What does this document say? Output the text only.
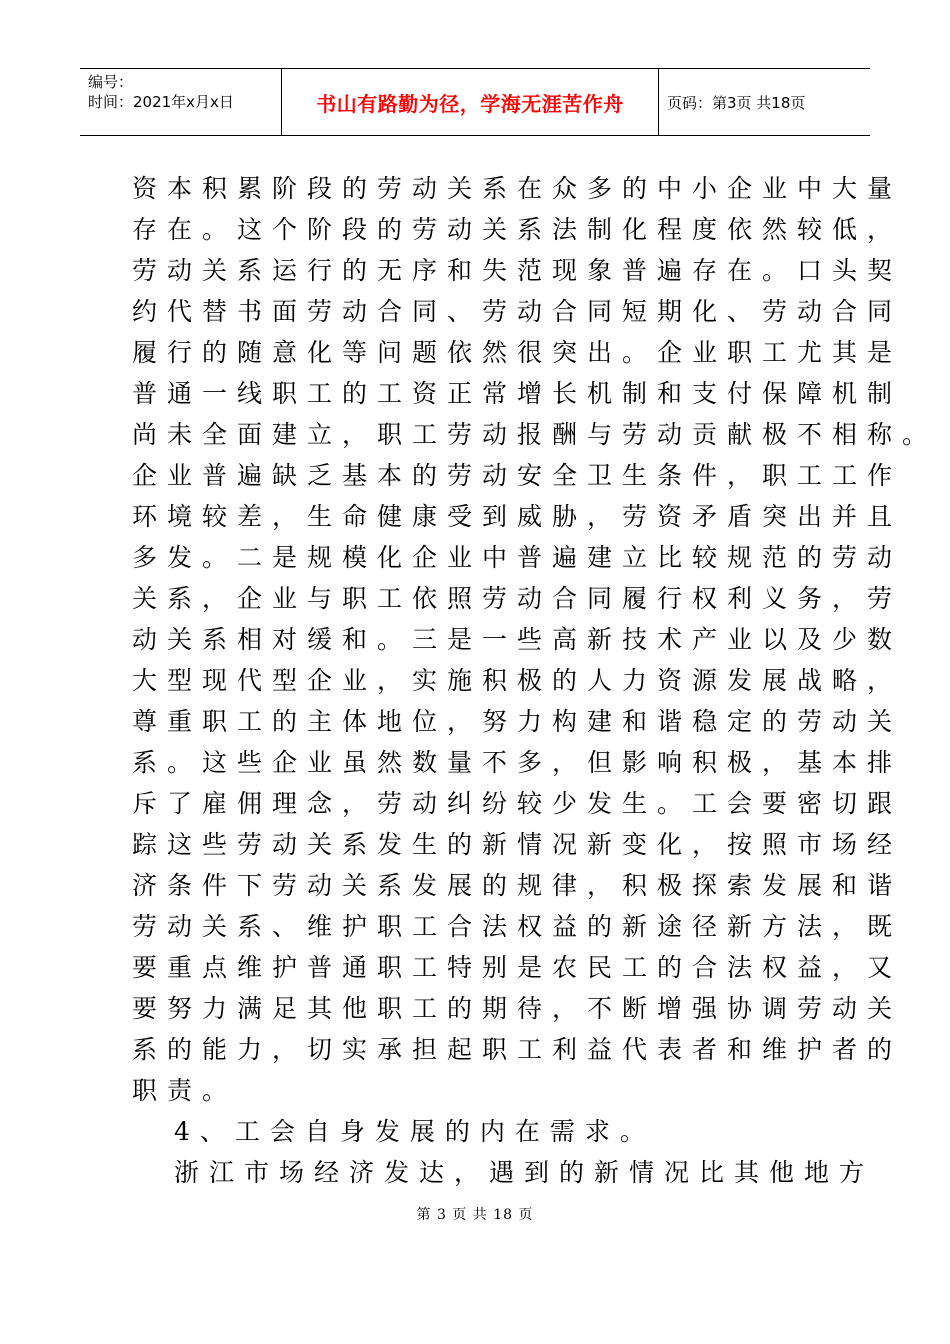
编号：
时间：2021年x月x日	书山有路勤为径，学海无涯苦作舟	页码：第3页 共18页
资本积累阶段的劳动关系在众多的中小企业中大量
存在。这个阶段的劳动关系法制化程度依然较低，
劳动关系运行的无序和失范现象普遍存在。口头契
约代替书面劳动合同、劳动合同短期化、劳动合同
履行的随意化等问题依然很突出。企业职工尤其是
普通一线职工的工资正常增长机制和支付保障机制
尚未全面建立，职工劳动报酬与劳动贡献极不相称。
企业普遍缺乏基本的劳动安全卫生条件，职工工作
环境较差，生命健康受到威胁，劳资矛盾突出并且
多发。二是规模化企业中普遍建立比较规范的劳动
关系，企业与职工依照劳动合同履行权利义务，劳
动关系相对缓和。三是一些高新技术产业以及少数
大型现代型企业，实施积极的人力资源发展战略，
尊重职工的主体地位，努力构建和谐稳定的劳动关
系。这些企业虽然数量不多，但影响积极，基本排
斥了雇佣理念，劳动纠纷较少发生。工会要密切跟
踪这些劳动关系发生的新情况新变化，按照市场经
济条件下劳动关系发展的规律，积极探索发展和谐
劳动关系、维护职工合法权益的新途径新方法，既
要重点维护普通职工特别是农民工的合法权益，又
要努力满足其他职工的期待，不断增强协调劳动关
系的能力，切实承担起职工利益代表者和维护者的
职责。
4、工会自身发展的内在需求。
浙江市场经济发达，遇到的新情况比其他地方
第 3 页 共 18 页
